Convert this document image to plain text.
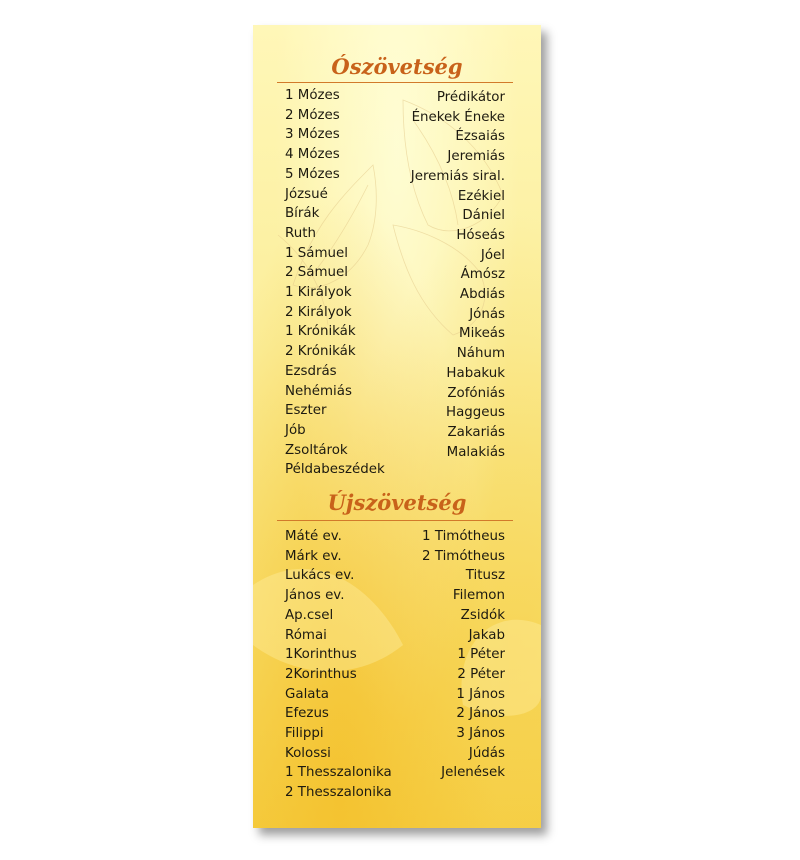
Ószövetség
1 Mózes
2 Mózes
3 Mózes
4 Mózes
5 Mózes
Józsué
Bírák
Ruth
1 Sámuel
2 Sámuel
1 Királyok
2 Királyok
1 Krónikák
2 Krónikák
Ezsdrás
Nehémiás
Eszter
Jób
Zsoltárok
Példabeszédek
Prédikátor
Énekek Éneke
Ézsaiás
Jeremiás
Jeremiás siral.
Ezékiel
Dániel
Hóseás
Jóel
Ámósz
Abdiás
Jónás
Mikeás
Náhum
Habakuk
Zofóniás
Haggeus
Zakariás
Malakiás
Újszövetség
Máté ev.
Márk ev.
Lukács ev.
János ev.
Ap.csel
Római
1Korinthus
2Korinthus
Galata
Efezus
Filippi
Kolossi
1 Thesszalonika
2 Thesszalonika
1 Timótheus
2 Timótheus
Titusz
Filemon
Zsidók
Jakab
1 Péter
2 Péter
1 János
2 János
3 János
Júdás
Jelenések
